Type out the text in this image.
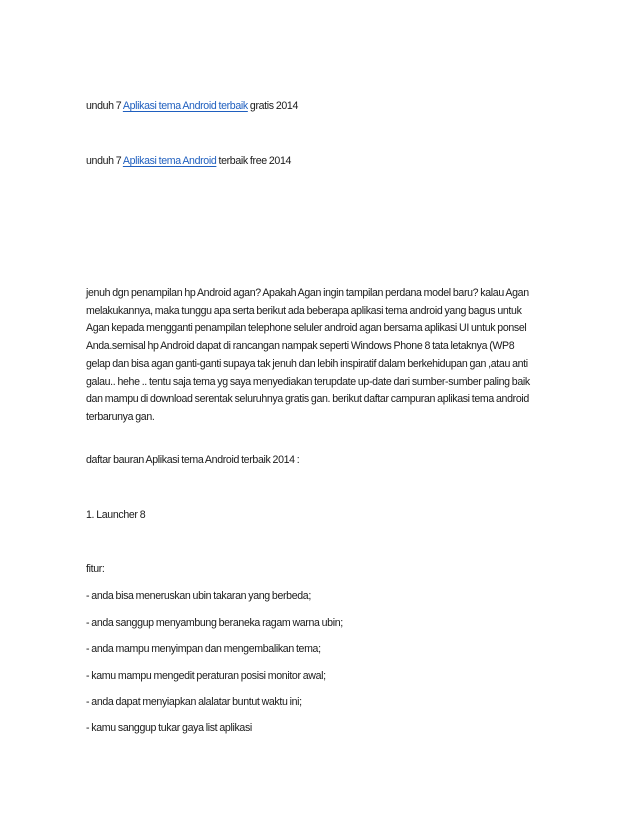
unduh 7 Aplikasi tema Android terbaik gratis 2014
unduh 7 Aplikasi tema Android terbaik free 2014
jenuh dgn penampilan hp Android agan? Apakah Agan ingin tampilan perdana model baru? kalau Agan
melakukannya, maka tunggu apa serta berikut ada beberapa aplikasi tema android yang bagus untuk
Agan kepada mengganti penampilan telephone seluler android agan bersama aplikasi UI untuk ponsel
Anda.semisal hp Android dapat di rancangan nampak seperti Windows Phone 8 tata letaknya (WP8
gelap dan bisa agan ganti-ganti supaya tak jenuh dan lebih inspiratif dalam berkehidupan gan ,atau anti
galau.. hehe .. tentu saja tema yg saya menyediakan terupdate up-date dari sumber-sumber paling baik
dan mampu di download serentak seluruhnya gratis gan. berikut daftar campuran aplikasi tema android
terbarunya gan.
daftar bauran Aplikasi tema Android terbaik 2014 :
1. Launcher 8
fitur:
- anda bisa meneruskan ubin takaran yang berbeda;
- anda sanggup menyambung beraneka ragam warna ubin;
- anda mampu menyimpan dan mengembalikan tema;
- kamu mampu mengedit peraturan posisi monitor awal;
- anda dapat menyiapkan alalatar buntut waktu ini;
- kamu sanggup tukar gaya list aplikasi
